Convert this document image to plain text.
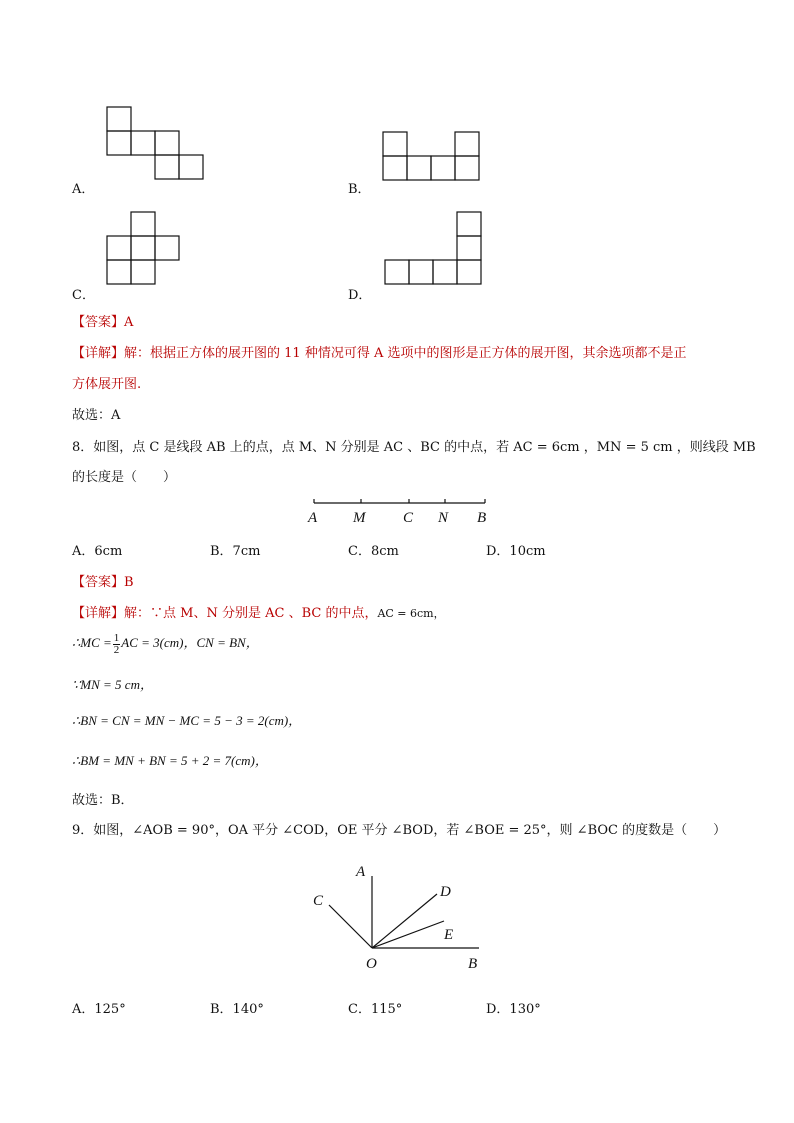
A．	B．
C．	D．
【答案】A
【详解】解：根据正方体的展开图的 11 种情况可得 A 选项中的图形是正方体的展开图，其余选项都不是正
方体展开图.
故选：A
8．如图，点 C 是线段 AB 上的点，点 M、N 分别是 AC 、BC 的中点，若 AC = 6cm ，MN = 5 cm ，则线段 MB
的长度是（　　）
A M	C N B
A．6cm	B．7cm	C．8cm	D．10cm
【答案】B
【详解】解：∵点 M、N 分别是 AC 、BC 的中点，AC = 6cm，
∴MC = $\frac{1}{2}$ AC = 3(cm)，CN = BN，
∵MN = 5 cm，
∴BN = CN = MN − MC = 5 − 3 = 2(cm)，
∴BM = MN + BN = 5 + 2 = 7(cm)，
故选：B．
9．如图，∠AOB = 90°，OA 平分 ∠COD，OE 平分 ∠BOD，若 ∠BOE = 25°，则 ∠BOC 的度数是（　　）
A
D
C
E
O	B
A．125°	B．140°	C．115°	D．130°
